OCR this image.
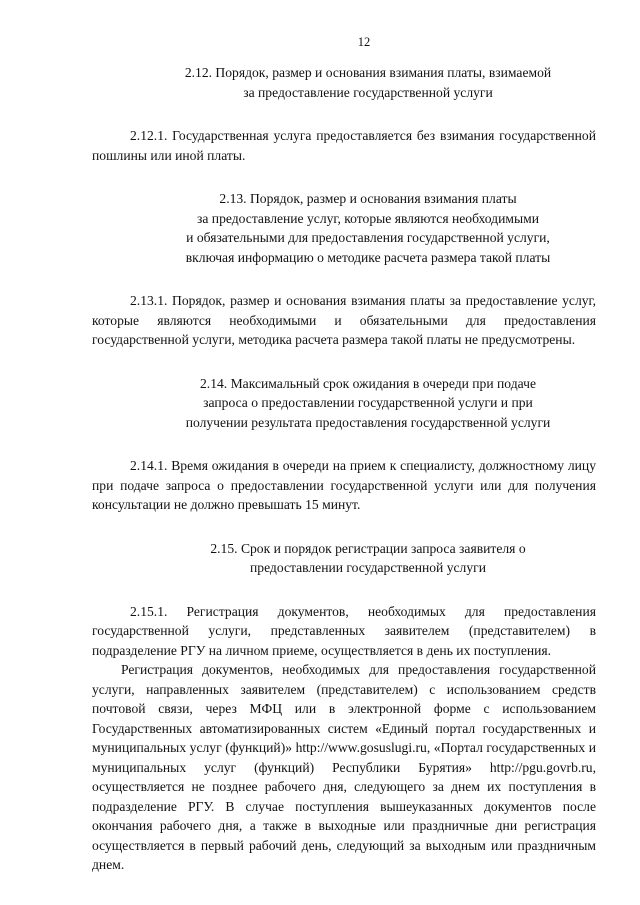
12
2.12. Порядок, размер и основания взимания платы, взимаемой
за предоставление государственной услуги

2.12.1. Государственная услуга предоставляется без взимания государственной пошлины или иной платы.

2.13. Порядок, размер и основания взимания платы
за предоставление услуг, которые являются необходимыми
и обязательными для предоставления государственной услуги,
включая информацию о методике расчета размера такой платы

2.13.1. Порядок, размер и основания взимания платы за предоставление услуг, которые являются необходимыми и обязательными для предоставления государственной услуги, методика расчета размера такой платы не предусмотрены.

2.14. Максимальный срок ожидания в очереди при подаче
запроса о предоставлении государственной услуги и при
получении результата предоставления государственной услуги

2.14.1. Время ожидания в очереди на прием к специалисту, должностному лицу при подаче запроса о предоставлении государственной услуги или для получения консультации не должно превышать 15 минут.

2.15. Срок и порядок регистрации запроса заявителя о
предоставлении государственной услуги

2.15.1. Регистрация документов, необходимых для предоставления государственной услуги, представленных заявителем (представителем) в подразделение РГУ на личном приеме, осуществляется в день их поступления.

Регистрация документов, необходимых для предоставления государственной услуги, направленных заявителем (представителем) с использованием средств почтовой связи, через МФЦ или в электронной форме с использованием Государственных автоматизированных систем «Единый портал государственных и муниципальных услуг (функций)» http://www.gosuslugi.ru, «Портал государственных и муниципальных услуг (функций) Республики Бурятия» http://pgu.govrb.ru, осуществляется не позднее рабочего дня, следующего за днем их поступления в подразделение РГУ. В случае поступления вышеуказанных документов после окончания рабочего дня, а также в выходные или праздничные дни регистрация осуществляется в первый рабочий день, следующий за выходным или праздничным днем.
